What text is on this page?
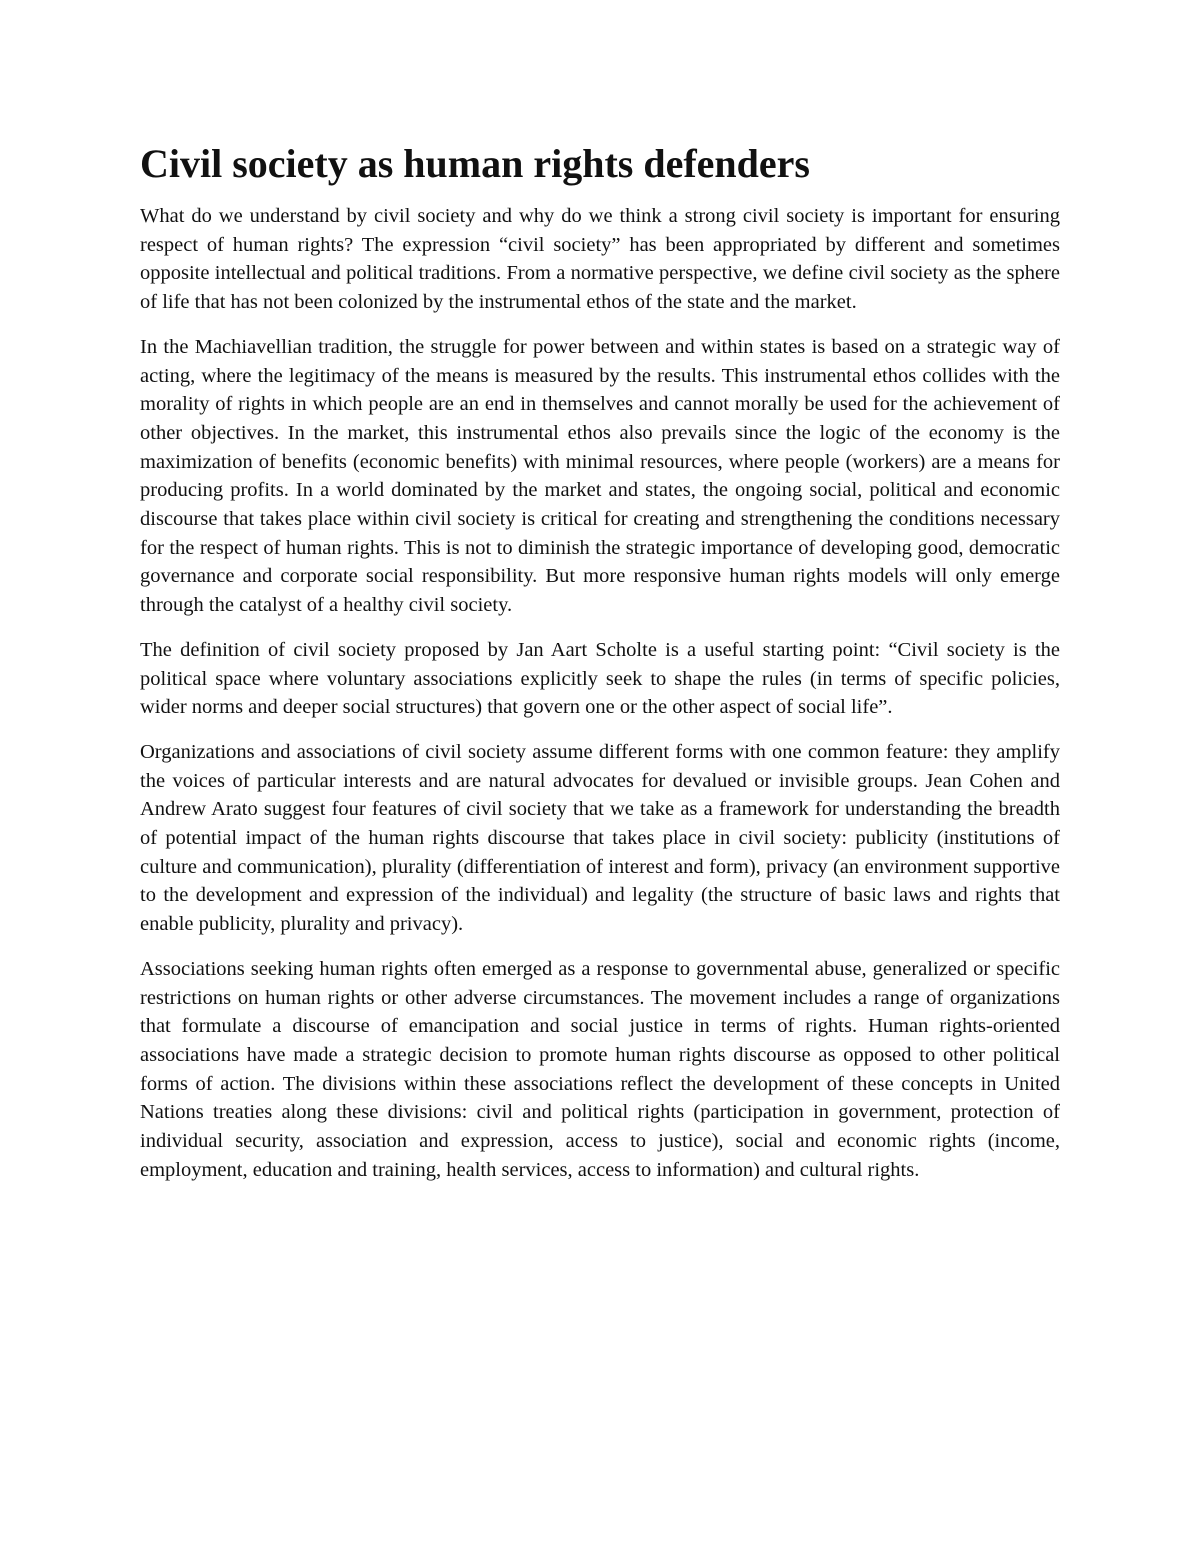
Civil society as human rights defenders

What do we understand by civil society and why do we think a strong civil society is important for ensuring respect of human rights? The expression “civil society” has been appropriated by different and sometimes opposite intellectual and political traditions. From a normative perspective, we define civil society as the sphere of life that has not been colonized by the instrumental ethos of the state and the market.

In the Machiavellian tradition, the struggle for power between and within states is based on a strategic way of acting, where the legitimacy of the means is measured by the results. This instrumental ethos collides with the morality of rights in which people are an end in themselves and cannot morally be used for the achievement of other objectives. In the market, this instrumental ethos also prevails since the logic of the economy is the maximization of benefits (economic benefits) with minimal resources, where people (workers) are a means for producing profits. In a world dominated by the market and states, the ongoing social, political and economic discourse that takes place within civil society is critical for creating and strengthening the conditions necessary for the respect of human rights. This is not to diminish the strategic importance of developing good, democratic governance and corporate social responsibility. But more responsive human rights models will only emerge through the catalyst of a healthy civil society.

The definition of civil society proposed by Jan Aart Scholte is a useful starting point: “Civil society is the political space where voluntary associations explicitly seek to shape the rules (in terms of specific policies, wider norms and deeper social structures) that govern one or the other aspect of social life”.

Organizations and associations of civil society assume different forms with one common feature: they amplify the voices of particular interests and are natural advocates for devalued or invisible groups. Jean Cohen and Andrew Arato suggest four features of civil society that we take as a framework for understanding the breadth of potential impact of the human rights discourse that takes place in civil society: publicity (institutions of culture and communication), plurality (differentiation of interest and form), privacy (an environment supportive to the development and expression of the individual) and legality (the structure of basic laws and rights that enable publicity, plurality and privacy).

Associations seeking human rights often emerged as a response to governmental abuse, generalized or specific restrictions on human rights or other adverse circumstances. The movement includes a range of organizations that formulate a discourse of emancipation and social justice in terms of rights. Human rights-oriented associations have made a strategic decision to promote human rights discourse as opposed to other political forms of action. The divisions within these associations reflect the development of these concepts in United Nations treaties along these divisions: civil and political rights (participation in government, protection of individual security, association and expression, access to justice), social and economic rights (income, employment, education and training, health services, access to information) and cultural rights.
